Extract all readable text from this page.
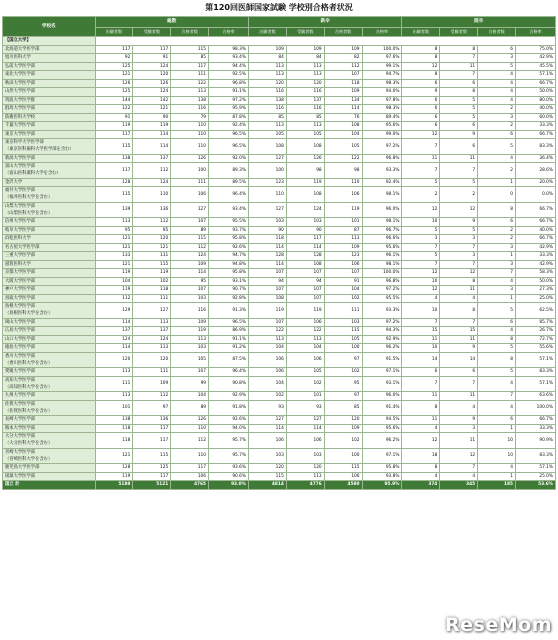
第120回医師国家試験 学校別合格者状況
学校名	総数				新卒				既卒			
	出願者数	受験者数	合格者数	合格率	出願者数	受験者数	合格者数	合格率	出願者数	受験者数	合格者数	合格率
【国立大学】												
北海道大学医学部	117	117	115	98.3%	109	109	109	100.0%	8	8	6	75.0%
旭川医科大学	92	91	85	93.4%	84	84	82	97.6%	8	7	3	42.9%
弘前大学医学部	125	124	117	94.4%	113	113	112	99.1%	12	11	5	45.5%
東北大学医学部	121	120	111	92.5%	113	113	107	94.7%	8	7	4	57.1%
秋田大学医学部	126	126	122	96.8%	120	120	118	98.3%	6	6	4	66.7%
山形大学医学部	125	124	113	91.1%	116	116	109	94.0%	9	8	4	50.0%
筑波大学医学群	144	142	138	97.2%	138	137	134	97.8%	6	5	4	80.0%
群馬大学医学部	122	121	116	95.9%	116	116	114	98.3%	6	5	2	40.0%
防衛医科大学校	91	90	79	87.8%	85	85	76	89.4%	6	5	3	60.0%
千葉大学医学部	119	119	110	92.4%	113	113	108	95.6%	6	6	2	33.3%
東京大学医学部	117	114	110	96.5%	105	105	104	99.0%	12	9	6	66.7%
東京科学大学医学部
（東京医科歯科大学医学部を含む）	115	114	110	96.5%	108	108	105	97.2%	7	6	5	83.3%
新潟大学医学部	138	137	126	92.0%	127	126	122	96.8%	11	11	4	36.4%
富山大学医学部
（富山医科薬科大学を含む）	117	112	100	89.3%	100	98	98	93.3%	7	7	2	28.6%
金沢大学	128	124	111	89.5%	123	119	110	92.4%	5	5	1	20.0%
福井大学医学部
（福井医科大学を含む）	115	110	106	96.4%	110	108	106	98.1%	2	2	0	0.0%
山梨大学医学部
（山梨医科大学を含む）	139	136	127	93.4%	127	124	119	96.0%	12	12	8	66.7%
信州大学医学部	113	112	107	95.5%	103	103	101	98.1%	10	9	6	66.7%
岐阜大学医学部	95	95	89	93.7%	90	90	87	96.7%	5	5	2	40.0%
浜松医科大学	121	120	115	95.8%	118	117	113	96.6%	3	3	2	66.7%
名古屋大学医学部	121	121	112	92.6%	114	114	109	95.6%	7	7	3	42.9%
三重大学医学部	133	131	124	94.7%	128	128	123	96.1%	5	3	1	33.3%
滋賀医科大学	121	115	109	94.8%	114	108	106	98.1%	7	7	3	42.9%
京都大学医学部	119	119	114	95.8%	107	107	107	100.0%	12	12	7	58.3%
大阪大学医学部	104	102	95	93.1%	94	94	91	96.8%	10	8	4	50.0%
神戸大学医学部	119	118	107	90.7%	107	107	104	97.2%	12	11	3	27.3%
鳥取大学医学部	112	111	103	92.8%	108	107	102	95.5%	4	4	1	25.0%
島根大学医学部
（島根医科大学を含む）	129	127	116	91.3%	119	119	111	93.3%	10	8	5	62.5%
岡山大学医学部	114	113	109	96.5%	107	106	103	97.2%	7	7	6	85.7%
広島大学医学部	137	137	119	86.9%	122	122	115	94.3%	15	15	4	26.7%
山口大学医学部	124	124	113	91.1%	113	113	105	92.9%	11	11	8	72.7%
徳島大学医学部	114	113	103	91.2%	104	104	100	96.2%	10	9	5	55.6%
香川大学医学部
（香川医科大学を含む）	120	120	105	87.5%	106	106	97	91.5%	14	14	8	57.1%
愛媛大学医学部	113	111	107	96.4%	106	105	102	97.1%	6	6	5	83.3%
高知大学医学部
（高知医科大学を含む）	111	109	99	90.8%	104	102	95	93.1%	7	7	4	57.1%
九州大学医学部	113	112	104	92.9%	102	101	97	96.0%	11	11	7	63.6%
佐賀大学医学部
（佐賀医科大学を含む）	101	97	89	91.8%	93	93	85	91.4%	8	4	4	100.0%
長崎大学医学部	138	136	126	92.6%	127	127	120	94.5%	11	9	6	66.7%
熊本大学医学部	118	117	110	94.0%	114	114	109	95.6%	4	3	1	33.3%
大分大学医学部
（大分医科大学を含む）	118	117	112	95.7%	106	106	102	96.2%	12	11	10	90.9%
宮崎大学医学部
（宮崎医科大学を含む）	121	115	110	95.7%	103	103	100	97.1%	18	12	10	83.3%
鹿児島大学医学部	128	125	117	93.6%	120	120	115	95.8%	8	7	4	57.1%
琉球大学医学部	119	117	106	90.6%	115	113	106	93.8%	4	4	1	25.0%
国立 計	5188	5121	4765	93.0%	4814	4776	4580	95.9%	374	345	185	53.6%
ReseMom
